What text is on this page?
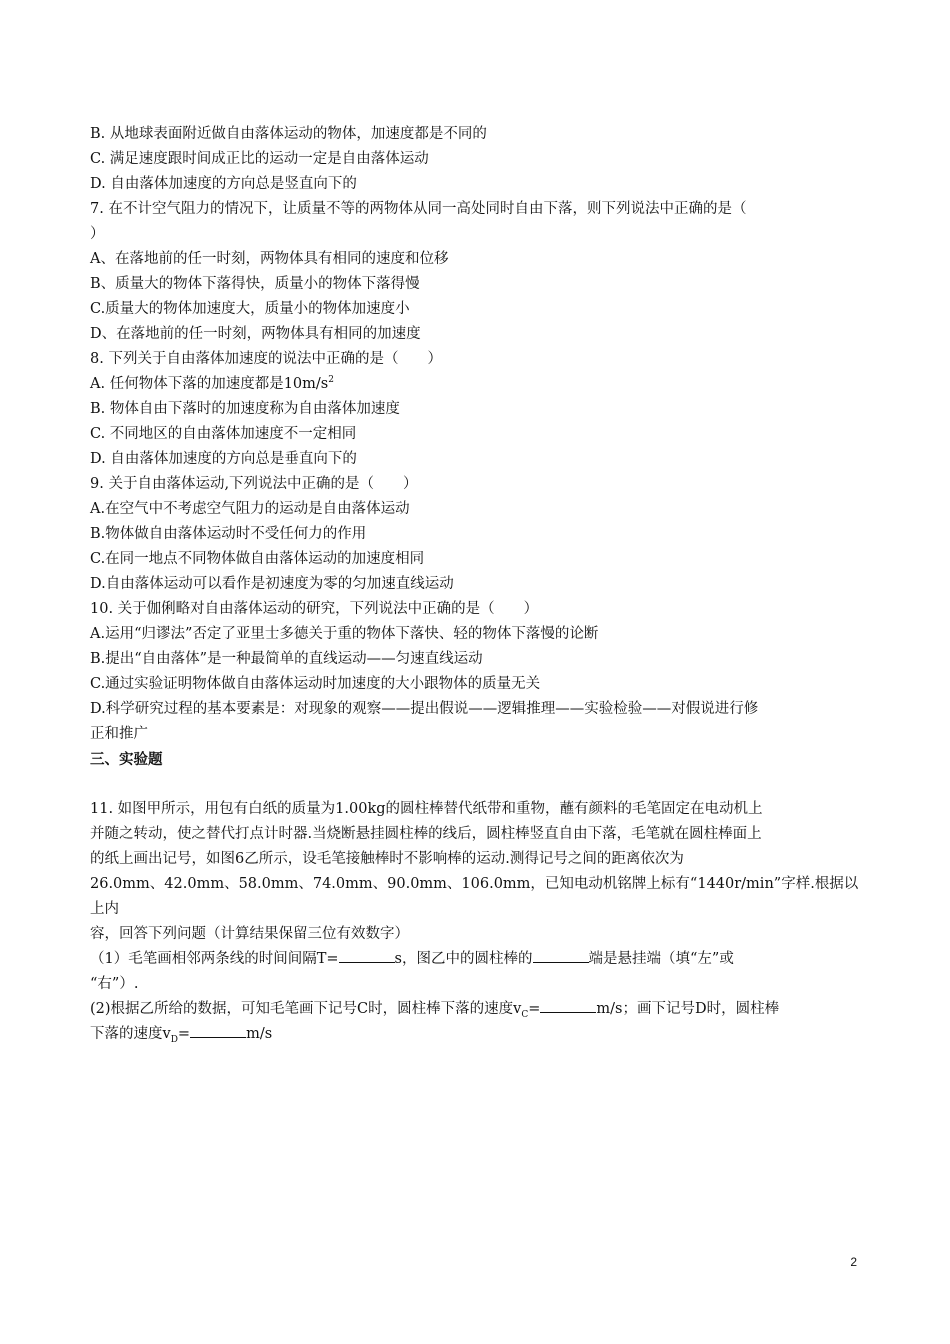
B. 从地球表面附近做自由落体运动的物体，加速度都是不同的

C. 满足速度跟时间成正比的运动一定是自由落体运动

D. 自由落体加速度的方向总是竖直向下的

7. 在不计空气阻力的情况下，让质量不等的两物体从同一高处同时自由下落，则下列说法中正确的是（

）

A、在落地前的任一时刻，两物体具有相同的速度和位移

B、质量大的物体下落得快，质量小的物体下落得慢

C.质量大的物体加速度大，质量小的物体加速度小

D、在落地前的任一时刻，两物体具有相同的加速度

8. 下列关于自由落体加速度的说法中正确的是（　　）

A. 任何物体下落的加速度都是$10m/s^2$

B. 物体自由下落时的加速度称为自由落体加速度

C. 不同地区的自由落体加速度不一定相同

D. 自由落体加速度的方向总是垂直向下的

9. 关于自由落体运动,下列说法中正确的是（　　）

A.在空气中不考虑空气阻力的运动是自由落体运动

B.物体做自由落体运动时不受任何力的作用

C.在同一地点不同物体做自由落体运动的加速度相同

D.自由落体运动可以看作是初速度为零的匀加速直线运动

10. 关于伽俐略对自由落体运动的研究，下列说法中正确的是（　　）

A.运用“归谬法”否定了亚里士多德关于重的物体下落快、轻的物体下落慢的论断

B.提出“自由落体”是一种最简单的直线运动——匀速直线运动

C.通过实验证明物体做自由落体运动时加速度的大小跟物体的质量无关

D.科学研究过程的基本要素是：对现象的观察——提出假说——逻辑推理——实验检验——对假说进行修

正和推广

三、实验题

11. 如图甲所示，用包有白纸的质量为1.00kg的圆柱棒替代纸带和重物，蘸有颜料的毛笔固定在电动机上

并随之转动，使之替代打点计时器.当烧断悬挂圆柱棒的线后，圆柱棒竖直自由下落，毛笔就在圆柱棒面上

的纸上画出记号，如图6乙所示，设毛笔接触棒时不影响棒的运动.测得记号之间的距离依次为

26.0mm、42.0mm、58.0mm、74.0mm、90.0mm、106.0mm，已知电动机铭牌上标有“1440r/min”字样.根据以上内

容，回答下列问题（计算结果保留三位有效数字）

（1）毛笔画相邻两条线的时间间隔T=	s，图乙中的圆柱棒的	端是悬挂端（填“左”或

“右”）.

(2)根据乙所给的数据，可知毛笔画下记号C时，圆柱棒下落的速度$v_C=$	m/s；画下记号D时，圆柱棒

下落的速度$v_D=$	m/s

2
